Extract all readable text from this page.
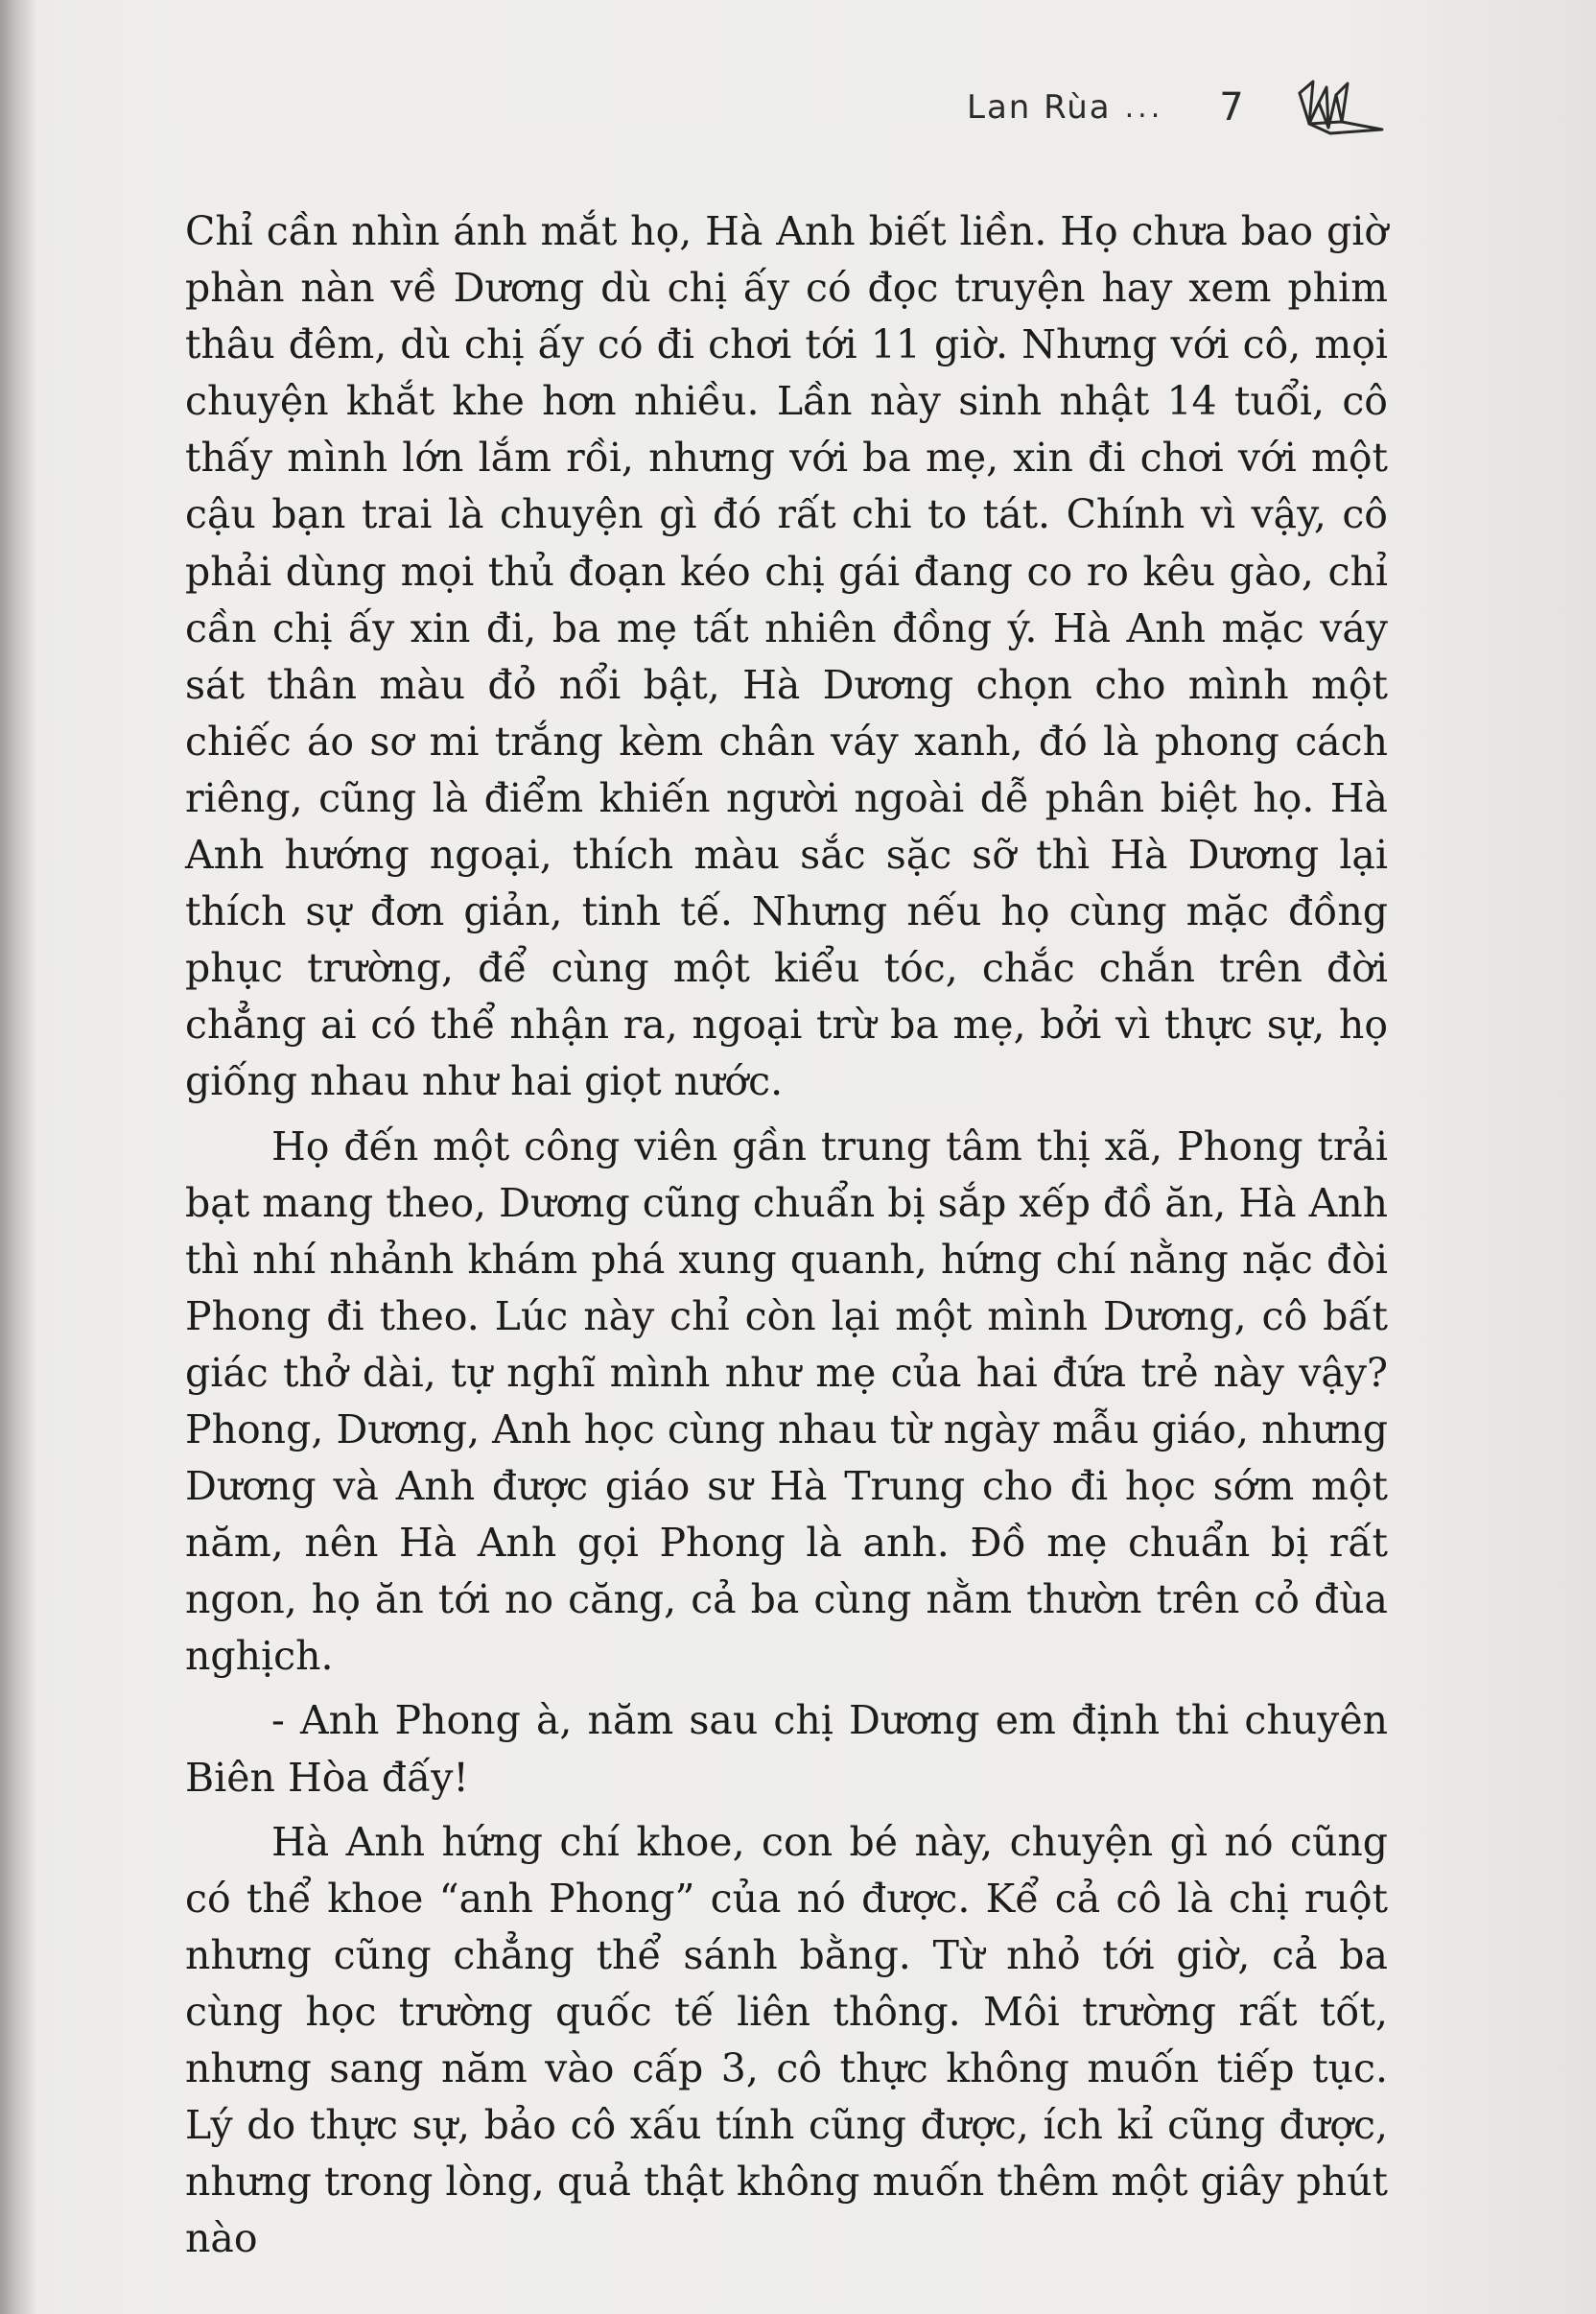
Lan Rùa ... 7

Chỉ cần nhìn ánh mắt họ, Hà Anh biết liền. Họ chưa bao giờ phàn nàn về Dương dù chị ấy có đọc truyện hay xem phim thâu đêm, dù chị ấy có đi chơi tới 11 giờ. Nhưng với cô, mọi chuyện khắt khe hơn nhiều. Lần này sinh nhật 14 tuổi, cô thấy mình lớn lắm rồi, nhưng với ba mẹ, xin đi chơi với một cậu bạn trai là chuyện gì đó rất chi to tát. Chính vì vậy, cô phải dùng mọi thủ đoạn kéo chị gái đang co ro kêu gào, chỉ cần chị ấy xin đi, ba mẹ tất nhiên đồng ý. Hà Anh mặc váy sát thân màu đỏ nổi bật, Hà Dương chọn cho mình một chiếc áo sơ mi trắng kèm chân váy xanh, đó là phong cách riêng, cũng là điểm khiến người ngoài dễ phân biệt họ. Hà Anh hướng ngoại, thích màu sắc sặc sỡ thì Hà Dương lại thích sự đơn giản, tinh tế. Nhưng nếu họ cùng mặc đồng phục trường, để cùng một kiểu tóc, chắc chắn trên đời chẳng ai có thể nhận ra, ngoại trừ ba mẹ, bởi vì thực sự, họ giống nhau như hai giọt nước.

Họ đến một công viên gần trung tâm thị xã, Phong trải bạt mang theo, Dương cũng chuẩn bị sắp xếp đồ ăn, Hà Anh thì nhí nhảnh khám phá xung quanh, hứng chí nằng nặc đòi Phong đi theo. Lúc này chỉ còn lại một mình Dương, cô bất giác thở dài, tự nghĩ mình như mẹ của hai đứa trẻ này vậy? Phong, Dương, Anh học cùng nhau từ ngày mẫu giáo, nhưng Dương và Anh được giáo sư Hà Trung cho đi học sớm một năm, nên Hà Anh gọi Phong là anh. Đồ mẹ chuẩn bị rất ngon, họ ăn tới no căng, cả ba cùng nằm thườn trên cỏ đùa nghịch.

- Anh Phong à, năm sau chị Dương em định thi chuyên Biên Hòa đấy!

Hà Anh hứng chí khoe, con bé này, chuyện gì nó cũng có thể khoe “anh Phong” của nó được. Kể cả cô là chị ruột nhưng cũng chẳng thể sánh bằng. Từ nhỏ tới giờ, cả ba cùng học trường quốc tế liên thông. Môi trường rất tốt, nhưng sang năm vào cấp 3, cô thực không muốn tiếp tục. Lý do thực sự, bảo cô xấu tính cũng được, ích kỉ cũng được, nhưng trong lòng, quả thật không muốn thêm một giây phút nào
